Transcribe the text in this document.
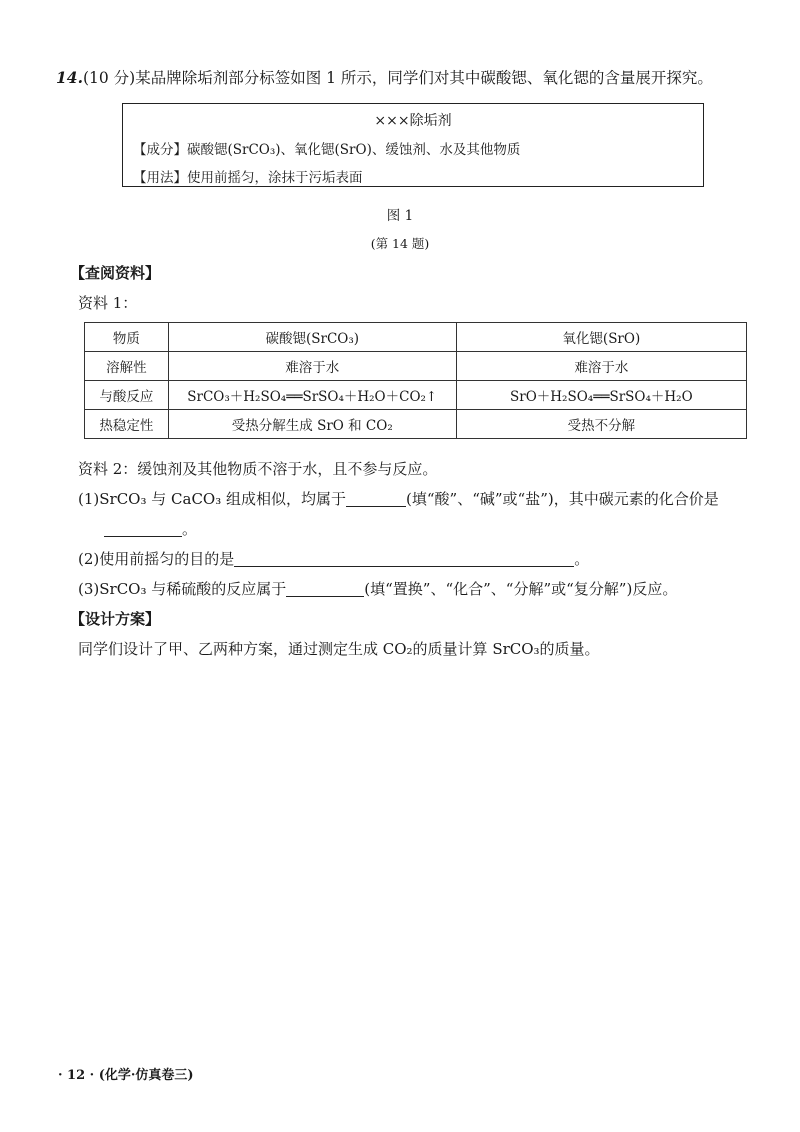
14.(10 分)某品牌除垢剂部分标签如图 1 所示，同学们对其中碳酸锶、氧化锶的含量展开探究。
×××除垢剂
【成分】碳酸锶(SrCO₃)、氧化锶(SrO)、缓蚀剂、水及其他物质
【用法】使用前摇匀，涂抹于污垢表面
图 1
(第 14 题)
【查阅资料】
资料 1：
物质	碳酸锶(SrCO₃)	氧化锶(SrO)
溶解性	难溶于水	难溶于水
与酸反应	SrCO₃＋H₂SO₄══SrSO₄＋H₂O＋CO₂↑	SrO＋H₂SO₄══SrSO₄＋H₂O
热稳定性	受热分解生成 SrO 和 CO₂	受热不分解
资料 2：缓蚀剂及其他物质不溶于水，且不参与反应。
(1)SrCO₃ 与 CaCO₃ 组成相似，均属于	(填“酸”、“碱”或“盐”)，其中碳元素的化合价是
。
(2)使用前摇匀的目的是	。
(3)SrCO₃ 与稀硫酸的反应属于	(填“置换”、“化合”、“分解”或“复分解”)反应。
【设计方案】
同学们设计了甲、乙两种方案，通过测定生成 CO₂的质量计算 SrCO₃的质量。
· 12 · (化学·仿真卷三)
